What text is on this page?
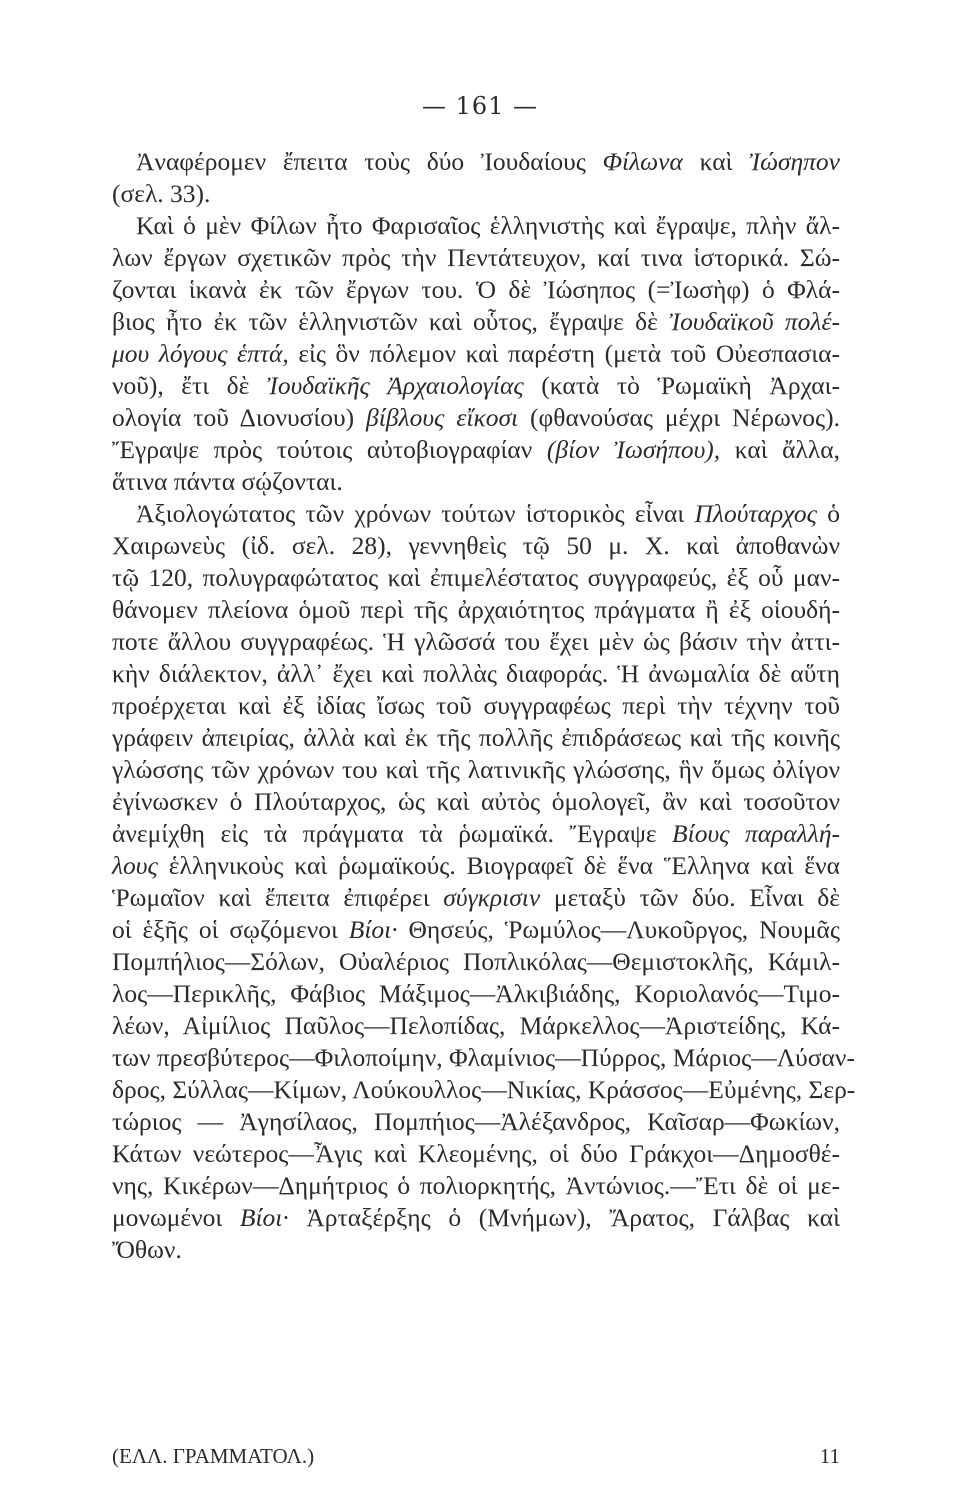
— 161 —
Ἀναφέρομεν ἔπειτα τοὺς δύο Ἰουδαίους Φίλωνα καὶ Ἰώσηπον
(σελ. 33).
Καὶ ὁ μὲν Φίλων ἦτο Φαρισαῖος ἑλληνιστὴς καὶ ἔγραψε, πλὴν ἄλ-
λων ἔργων σχετικῶν πρὸς τὴν Πεντάτευχον, καί τινα ἱστορικά. Σώ-
ζονται ἱκανὰ ἐκ τῶν ἔργων του. Ὁ δὲ Ἰώσηπος (=Ἰωσὴφ) ὁ Φλά-
βιος ἦτο ἐκ τῶν ἑλληνιστῶν καὶ οὗτος, ἔγραψε δὲ Ἰουδαϊκοῦ πολέ-
μου λόγους ἑπτά, εἰς ὃν πόλεμον καὶ παρέστη (μετὰ τοῦ Οὐεσπασια-
νοῦ), ἔτι δὲ Ἰουδαϊκῆς Ἀρχαιολογίας (κατὰ τὸ Ῥωμαϊκὴ Ἀρχαι-
ολογία τοῦ Διονυσίου) βίβλους εἴκοσι (φθανούσας μέχρι Νέρωνος).
Ἔγραψε πρὸς τούτοις αὐτοβιογραφίαν (βίον Ἰωσήπου), καὶ ἄλλα,
ἅτινα πάντα σῴζονται.
Ἀξιολογώτατος τῶν χρόνων τούτων ἱστορικὸς εἶναι Πλούταρχος ὁ
Χαιρωνεὺς (ἰδ. σελ. 28), γεννηθεὶς τῷ 50 μ. Χ. καὶ ἀποθανὼν
τῷ 120, πολυγραφώτατος καὶ ἐπιμελέστατος συγγραφεύς, ἐξ οὗ μαν-
θάνομεν πλείονα ὁμοῦ περὶ τῆς ἀρχαιότητος πράγματα ἢ ἐξ οἱουδή-
ποτε ἄλλου συγγραφέως. Ἡ γλῶσσά του ἔχει μὲν ὡς βάσιν τὴν ἀττι-
κὴν διάλεκτον, ἀλλ᾿ ἔχει καὶ πολλὰς διαφοράς. Ἡ ἀνωμαλία δὲ αὕτη
προέρχεται καὶ ἐξ ἰδίας ἴσως τοῦ συγγραφέως περὶ τὴν τέχνην τοῦ
γράφειν ἀπειρίας, ἀλλὰ καὶ ἐκ τῆς πολλῆς ἐπιδράσεως καὶ τῆς κοινῆς
γλώσσης τῶν χρόνων του καὶ τῆς λατινικῆς γλώσσης, ἣν ὅμως ὀλίγον
ἐγίνωσκεν ὁ Πλούταρχος, ὡς καὶ αὐτὸς ὁμολογεῖ, ἂν καὶ τοσοῦτον
ἀνεμίχθη εἰς τὰ πράγματα τὰ ῥωμαϊκά. Ἔγραψε Βίους παραλλή-
λους ἑλληνικοὺς καὶ ῥωμαϊκούς. Βιογραφεῖ δὲ ἕνα Ἕλληνα καὶ ἕνα
Ῥωμαῖον καὶ ἔπειτα ἐπιφέρει σύγκρισιν μεταξὺ τῶν δύο. Εἶναι δὲ
οἱ ἑξῆς οἱ σῳζόμενοι Βίοι· Θησεύς, Ῥωμύλος—Λυκοῦργος, Νουμᾶς
Πομπήλιος—Σόλων, Οὐαλέριος Ποπλικόλας—Θεμιστοκλῆς, Κάμιλ-
λος—Περικλῆς, Φάβιος Μάξιμος—Ἀλκιβιάδης, Κοριολανός—Τιμο-
λέων, Αἰμίλιος Παῦλος—Πελοπίδας, Μάρκελλος—Ἀριστείδης, Κά-
των πρεσβύτερος—Φιλοποίμην, Φλαμίνιος—Πύρρος, Μάριος—Λύσαν-
δρος, Σύλλας—Κίμων, Λούκουλλος—Νικίας, Κράσσος—Εὐμένης, Σερ-
τώριος — Ἀγησίλαος, Πομπήιος—Ἀλέξανδρος, Καῖσαρ—Φωκίων,
Κάτων νεώτερος—Ἆγις καὶ Κλεομένης, οἱ δύο Γράκχοι—Δημοσθέ-
νης, Κικέρων—Δημήτριος ὁ πολιορκητής, Ἀντώνιος.—Ἔτι δὲ οἱ με-
μονωμένοι Βίοι· Ἀρταξέρξης ὁ (Μνήμων), Ἄρατος, Γάλβας καὶ
Ὄθων.
(ΕΛΛ. ΓΡΑΜΜΑΤΟΛ.)	11
